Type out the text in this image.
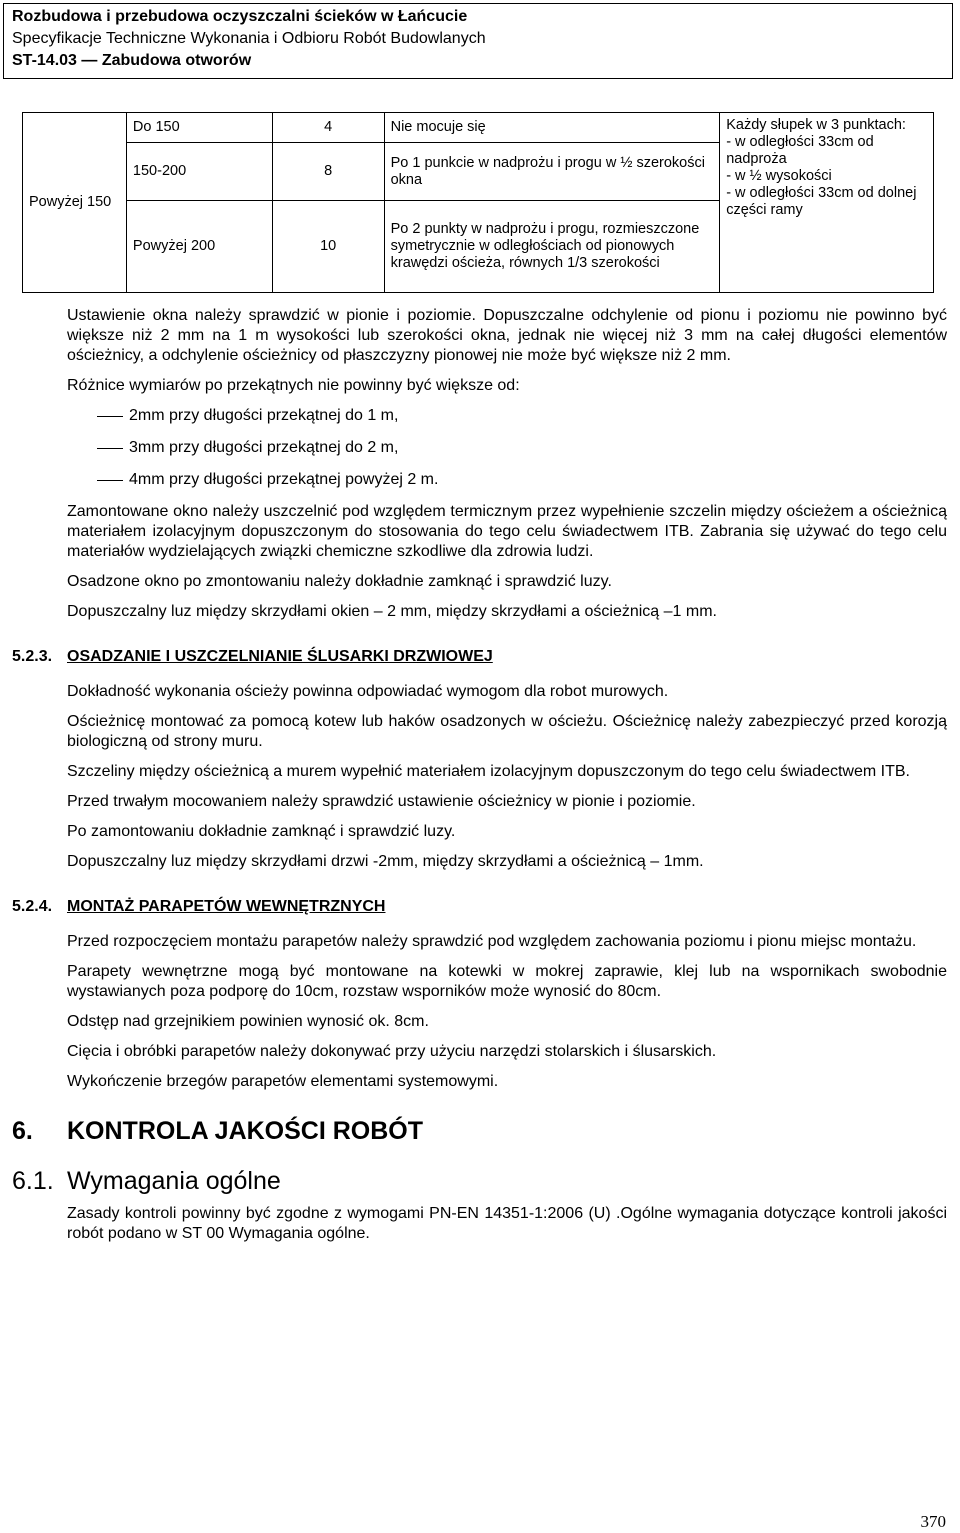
Rozbudowa i przebudowa oczyszczalni ścieków w Łańcucie
Specyfikacje Techniczne Wykonania i Odbioru Robót Budowlanych
ST-14.03 — Zabudowa otworów
Powyżej 150	Do 150	4	Nie mocuje się	Każdy słupek w 3 punktach:
- w odległości 33cm od nadproża
- w ½ wysokości
- w odległości 33cm od dolnej części ramy
	150-200	8	Po 1 punkcie w nadprożu i progu w ½ szerokości okna	
	Powyżej 200	10	Po 2 punkty w nadprożu i progu, rozmieszczone symetrycznie w odległościach od pionowych krawędzi ościeża, równych 1/3 szerokości	

Ustawienie okna należy sprawdzić w pionie i poziomie. Dopuszczalne odchylenie od pionu i poziomu nie powinno być większe niż 2 mm na 1 m wysokości lub szerokości okna, jednak nie więcej niż 3 mm na całej długości elementów ościeżnicy, a odchylenie ościeżnicy od płaszczyzny pionowej nie może być większe niż 2 mm.

Różnice wymiarów po przekątnych nie powinny być większe od:

2mm przy długości przekątnej do 1 m,
3mm przy długości przekątnej do 2 m,
4mm przy długości przekątnej powyżej 2 m.

Zamontowane okno należy uszczelnić pod względem termicznym przez wypełnienie szczelin między ościeżem a ościeżnicą materiałem izolacyjnym dopuszczonym do stosowania do tego celu świadectwem ITB. Zabrania się używać do tego celu materiałów wydzielających związki chemiczne szkodliwe dla zdrowia ludzi.

Osadzone okno po zmontowaniu należy dokładnie zamknąć i sprawdzić luzy.

Dopuszczalny luz między skrzydłami okien – 2 mm, między skrzydłami a ościeżnicą –1 mm.

5.2.3. OSADZANIE I USZCZELNIANIE ŚLUSARKI DRZWIOWEJ

Dokładność wykonania ościeży powinna odpowiadać wymogom dla robot murowych.

Ościeżnicę montować za pomocą kotew lub haków osadzonych w ościeżu. Ościeżnicę należy zabezpieczyć przed korozją biologiczną od strony muru.

Szczeliny między ościeżnicą a murem wypełnić materiałem izolacyjnym dopuszczonym do tego celu świadectwem ITB.

Przed trwałym mocowaniem należy sprawdzić ustawienie ościeżnicy w pionie i poziomie.

Po zamontowaniu dokładnie zamknąć i sprawdzić luzy.

Dopuszczalny luz między skrzydłami drzwi -2mm, między skrzydłami a ościeżnicą – 1mm.

5.2.4. MONTAŻ PARAPETÓW WEWNĘTRZNYCH

Przed rozpoczęciem montażu parapetów należy sprawdzić pod względem zachowania poziomu i pionu miejsc montażu.

Parapety wewnętrzne mogą być montowane na kotewki w mokrej zaprawie, klej lub na wspornikach swobodnie wystawianych poza podporę do 10cm, rozstaw wsporników może wynosić do 80cm.

Odstęp nad grzejnikiem powinien wynosić ok. 8cm.

Cięcia i obróbki parapetów należy dokonywać przy użyciu narzędzi stolarskich i ślusarskich.

Wykończenie brzegów parapetów elementami systemowymi.

6. KONTROLA JAKOŚCI ROBÓT
6.1. Wymagania ogólne

Zasady kontroli powinny być zgodne z wymogami PN-EN 14351-1:2006 (U) .Ogólne wymagania dotyczące kontroli jakości robót podano w ST 00 Wymagania ogólne.

370
